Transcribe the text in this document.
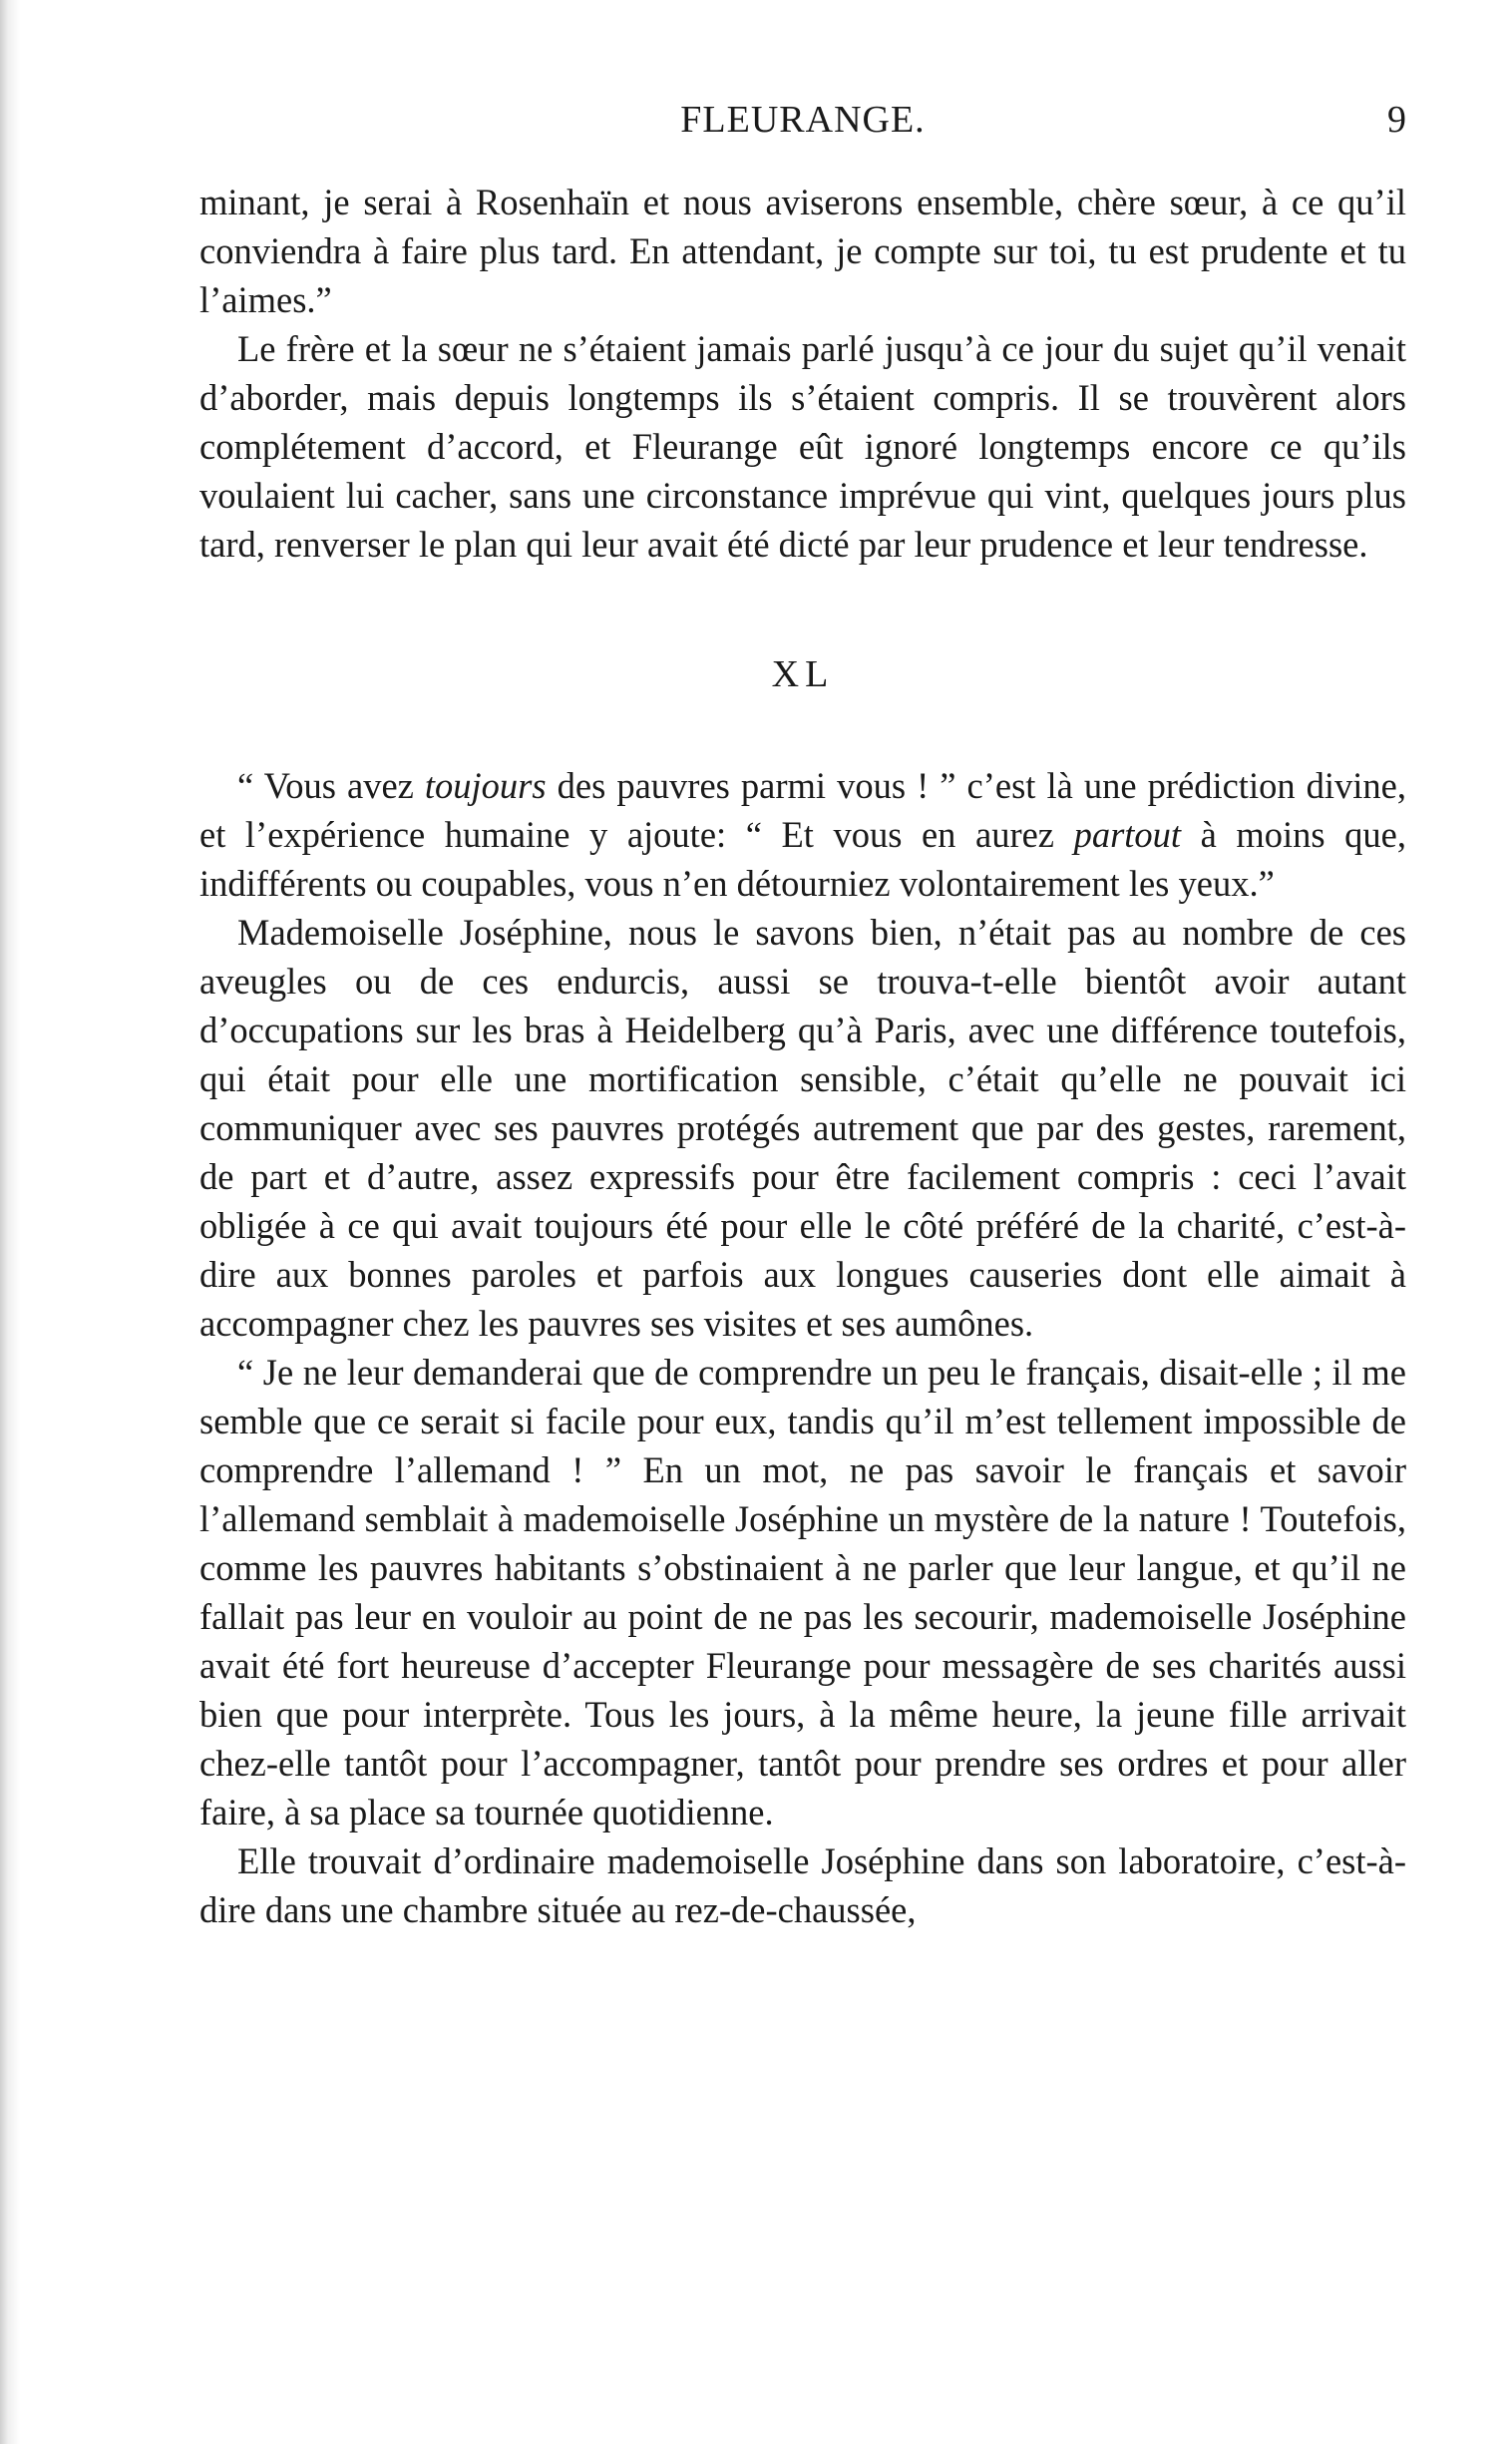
FLEURANGE.	9

minant, je serai à Rosenhaïn et nous aviserons ensemble, chère sœur, à ce qu’il conviendra à faire plus tard. En attendant, je compte sur toi, tu est prudente et tu l’aimes.”

Le frère et la sœur ne s’étaient jamais parlé jusqu’à ce jour du sujet qu’il venait d’aborder, mais depuis longtemps ils s’étaient compris. Il se trouvèrent alors complétement d’accord, et Fleurange eût ignoré longtemps encore ce qu’ils voulaient lui cacher, sans une circonstance imprévue qui vint, quelques jours plus tard, renverser le plan qui leur avait été dicté par leur prudence et leur tendresse.

XL

“ Vous avez toujours des pauvres parmi vous ! ” c’est là une prédiction divine, et l’expérience humaine y ajoute: “ Et vous en aurez partout à moins que, indifférents ou coupables, vous n’en détourniez volontairement les yeux.”

Mademoiselle Joséphine, nous le savons bien, n’était pas au nombre de ces aveugles ou de ces endurcis, aussi se trouva-t-elle bientôt avoir autant d’occupations sur les bras à Heidelberg qu’à Paris, avec une différence toutefois, qui était pour elle une mortification sensible, c’était qu’elle ne pouvait ici communiquer avec ses pauvres protégés autrement que par des gestes, rarement, de part et d’autre, assez expressifs pour être facilement compris : ceci l’avait obligée à ce qui avait toujours été pour elle le côté préféré de la charité, c’est-à-dire aux bonnes paroles et parfois aux longues causeries dont elle aimait à accompagner chez les pauvres ses visites et ses aumônes.

“ Je ne leur demanderai que de comprendre un peu le français, disait-elle ; il me semble que ce serait si facile pour eux, tandis qu’il m’est tellement impossible de comprendre l’allemand ! ” En un mot, ne pas savoir le français et savoir l’allemand semblait à mademoiselle Joséphine un mystère de la nature ! Toutefois, comme les pauvres habitants s’obstinaient à ne parler que leur langue, et qu’il ne fallait pas leur en vouloir au point de ne pas les secourir, mademoiselle Joséphine avait été fort heureuse d’accepter Fleurange pour messagère de ses charités aussi bien que pour interprète. Tous les jours, à la même heure, la jeune fille arrivait chez-elle tantôt pour l’accompagner, tantôt pour prendre ses ordres et pour aller faire, à sa place sa tournée quotidienne.

Elle trouvait d’ordinaire mademoiselle Joséphine dans son laboratoire, c’est-à-dire dans une chambre située au rez-de-chaussée,
